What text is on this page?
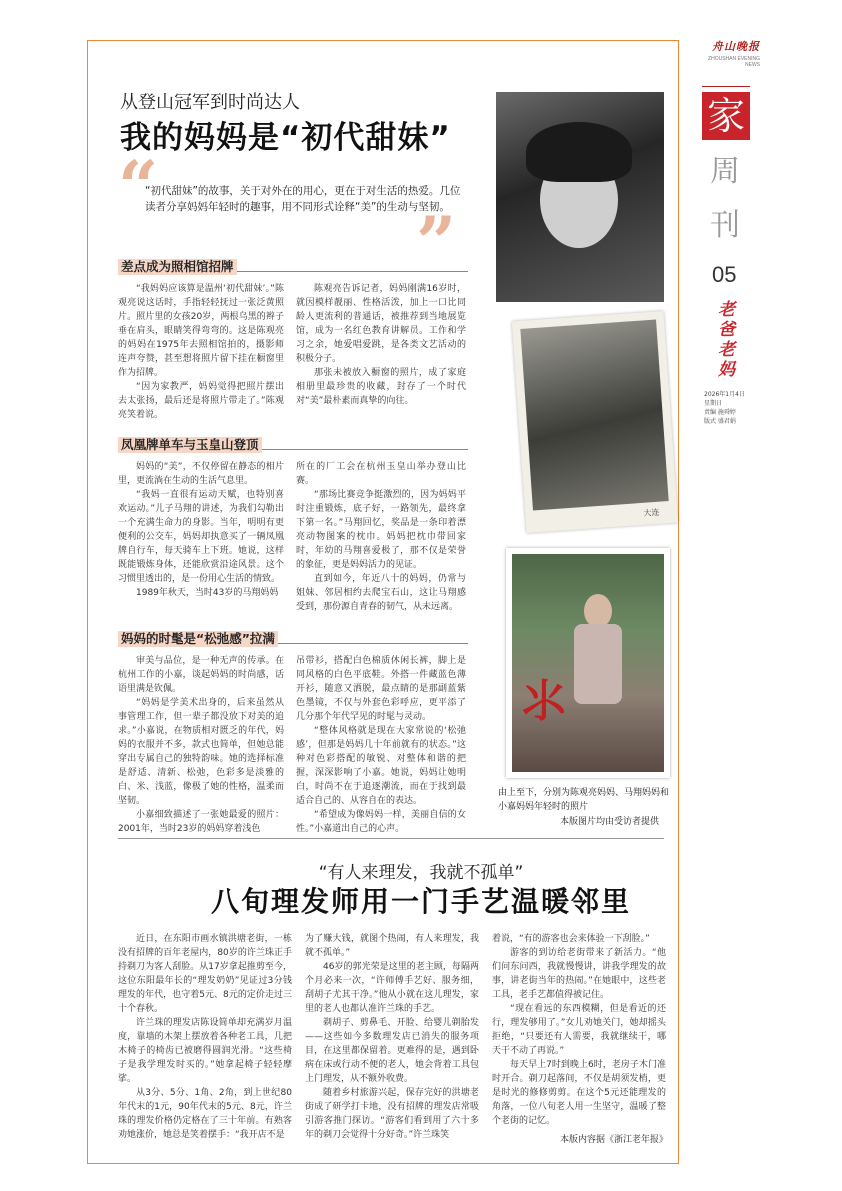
舟山晚报
ZHOUSHAN EVENING NEWS
家
周
刊
05
老爸老妈
2026年1月4日
星期日
责编 施舜婷
版式 盛君娟
从登山冠军到时尚达人
我的妈妈是“初代甜妹”
“
“初代甜妹”的故事，关于对外在的用心，更在于对生活的热爱。几位读者分享妈妈年轻时的趣事，用不同形式诠释“美”的生动与坚韧。
”
差点成为照相馆招牌

“我妈妈应该算是温州‘初代甜妹’。”陈观亮说这话时，手指轻轻抚过一张泛黄照片。照片里的女孩20岁，两根乌黑的辫子垂在肩头，眼睛笑得弯弯的。这是陈观亮的妈妈在1975年去照相馆拍的，摄影师连声夸赞，甚至想将照片留下挂在橱窗里作为招牌。

“因为家教严，妈妈觉得把照片摆出去太张扬，最后还是将照片带走了。”陈观亮笑着说。

陈观亮告诉记者，妈妈刚满16岁时，就因模样靓丽、性格活泼，加上一口比同龄人更流利的普通话，被推荐到当地展览馆，成为一名红色教育讲解员。工作和学习之余，她爱唱爱跳，是各类文艺活动的积极分子。

那张未被放入橱窗的照片，成了家庭相册里最珍贵的收藏，封存了一个时代对“美”最朴素而真挚的向往。

凤凰牌单车与玉皇山登顶

妈妈的“美”，不仅停留在静态的相片里，更流淌在生动的生活气息里。

“我妈一直很有运动天赋，也特别喜欢运动。”儿子马翔的讲述，为我们勾勒出一个充满生命力的身影。当年，明明有更便利的公交车，妈妈却执意买了一辆凤凰牌自行车，每天骑车上下班。她说，这样既能锻炼身体，还能欣赏沿途风景。这个习惯里透出的，是一份用心生活的情致。

1989年秋天，当时43岁的马翔妈妈

所在的厂工会在杭州玉皇山举办登山比赛。

“那场比赛竞争挺激烈的，因为妈妈平时注重锻炼，底子好，一路领先，最终拿下第一名。”马翔回忆，奖品是一条印着漂亮动物图案的枕巾。妈妈把枕巾带回家时，年幼的马翔喜爱极了，那不仅是荣誉的象征，更是妈妈活力的见证。

直到如今，年近八十的妈妈，仍常与姐妹、邻居相约去爬宝石山，这让马翔感受到，那份源自青春的韧气，从未远离。

妈妈的时髦是“松弛感”拉满

审美与品位，是一种无声的传承。在杭州工作的小嘉，谈起妈妈的时尚感，话语里满是钦佩。

“妈妈是学美术出身的，后来虽然从事管理工作，但一辈子都没放下对美的追求。”小嘉说，在物质相对匮乏的年代，妈妈的衣服并不多，款式也简单，但她总能穿出专属自己的独特韵味。她的选择标准是舒适、清新、松弛，色彩多是淡雅的白、米、浅蓝，像极了她的性格，温柔而坚韧。

小嘉细致描述了一张她最爱的照片：2001年，当时23岁的妈妈穿着浅色

吊带衫，搭配白色棉质休闲长裤，脚上是同风格的白色平底鞋。外搭一件藏蓝色薄开衫，随意又洒脱，最点睛的是那副蓝紫色墨镜，不仅与外套色彩呼应，更平添了几分那个年代罕见的时髦与灵动。

“整体风格就是现在大家常说的‘松弛感’，但那是妈妈几十年前就有的状态。”这种对色彩搭配的敏锐、对整体和谐的把握，深深影响了小嘉。她说，妈妈让她明白，时尚不在于追逐潮流，而在于找到最适合自己的、从容自在的表达。

“希望成为像妈妈一样，美丽自信的女性。”小嘉道出自己的心声。

大连
⺢
由上至下，分别为陈观亮妈妈、马翔妈妈和小嘉妈妈年轻时的照片
本版图片均由受访者提供
“有人来理发，我就不孤单”
八旬理发师用一门手艺温暖邻里

近日，在东阳市画水镇洪塘老街，一栋没有招牌的百年老屋内，80岁的许兰珠正手持剃刀为客人刮脸。从17岁拿起推剪至今，这位东阳最年长的“理发奶奶”见证过3分钱理发的年代，也守着5元、8元的定价走过三十个春秋。

许兰珠的理发店陈设简单却充满岁月温度，靠墙的木架上摆放着各种老工具，几把木椅子的椅齿已被磨得圆润光滑。“这些椅子是我学理发时买的。”她拿起椅子轻轻摩挲。

从3分、5分、1角、2角，到上世纪80年代末的1元，90年代末的5元、8元，许兰珠的理发价格仍定格在了三十年前。有熟客劝她涨价，她总是笑着摆手：“我开店不是

为了赚大钱，就图个热闹，有人来理发，我就不孤单。”

46岁的郭光荣是这里的老主顾，每隔两个月必来一次，“许师傅手艺好、服务细，刮胡子尤其干净。”他从小就在这儿理发，家里的老人也都认准许兰珠的手艺。

剃胡子、剪鼻毛、开脸、给婴儿剃胎发——这些如今多数理发店已消失的服务项目，在这里都保留着。更难得的是，遇到卧病在床或行动不便的老人，她会背着工具包上门理发，从不额外收费。

随着乡村旅游兴起，保存完好的洪塘老街成了研学打卡地，没有招牌的理发店常吸引游客推门探访。“游客们看到用了六十多年的剃刀会觉得十分好奇。”许兰珠笑

着说，“有的游客也会来体验一下刮脸。”

游客的到访给老街带来了新活力。“他们问东问西，我就慢慢讲，讲我学理发的故事，讲老街当年的热闹。”在她眼中，这些老工具，老手艺都值得被记住。

“现在看远的东西模糊，但是看近的还行，理发够用了。”女儿劝她关门，她却摇头拒绝，“只要还有人需要，我就继续干，哪天干不动了再说。”

每天早上7时到晚上6时，老房子木门准时开合。剃刀起落间，不仅是胡须发梢，更是时光的修修剪剪。在这个5元还能理发的角落，一位八旬老人用一生坚守，温暖了整个老街的记忆。

本版内容据《浙江老年报》
